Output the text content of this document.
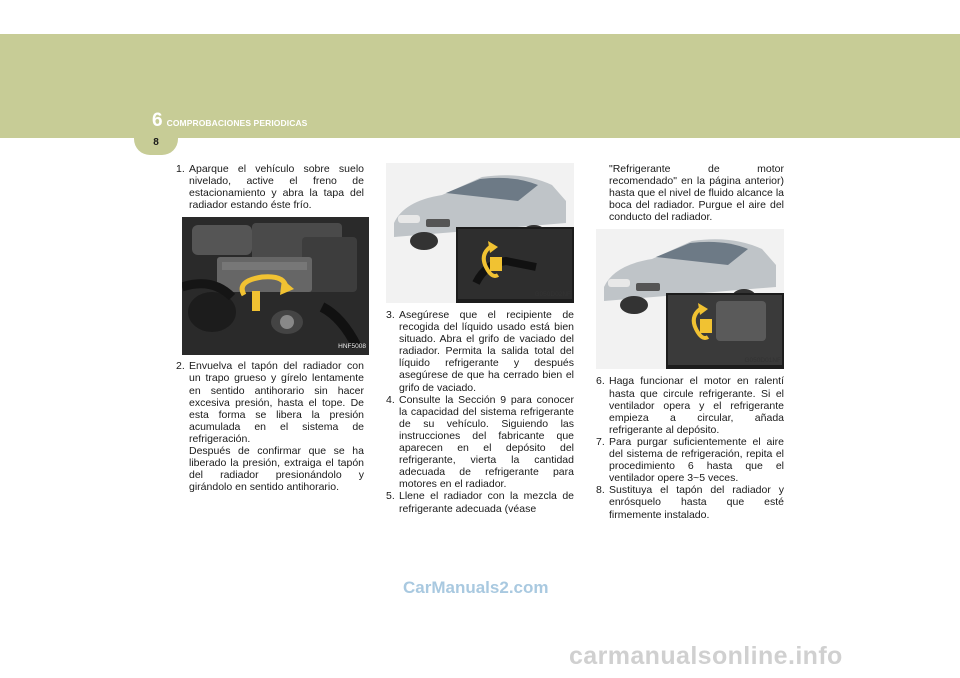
6 COMPROBACIONES PERIODICAS
8
1. Aparque el vehículo sobre suelo nivelado, active el freno de estacionamiento y abra la tapa del radiador estando éste frío.
HNF5008
2. Envuelva el tapón del radiador con un trapo grueso y gírelo lentamente en sentido antihorario sin hacer excesiva presión, hasta el tope. De esta forma se libera la presión acumulada en el sistema de refrigeración.
Después de confirmar que se ha liberado la presión, extraiga el tapón del radiador presionándolo y girándolo en sentido antihorario.
G050D02NF
3. Asegúrese que el recipiente de recogida del líquido usado está bien situado. Abra el grifo de vaciado del radiador. Permita la salida total del líquido refrigerante y después asegúrese de que ha cerrado bien el grifo de vaciado.
4. Consulte la Sección 9 para conocer la capacidad del sistema refrigerante de su vehículo. Siguiendo las instrucciones del fabricante que aparecen en el depósito del refrigerante, vierta la cantidad adecuada de refrigerante para motores en el radiador.
5. Llene el radiador con la mezcla de refrigerante adecuada (véase
"Refrigerante de motor recomendado" en la página anterior) hasta que el nivel de fluido alcance la boca del radiador. Purgue el aire del conducto del radiador.
G050D01NF
6. Haga funcionar el motor en ralentí hasta que circule refrigerante. Si el ventilador opera y el refrigerante empieza a circular, añada refrigerante al depósito.
7. Para purgar suficientemente el aire del sistema de refrigeración, repita el procedimiento 6 hasta que el ventilador opere 3~5 veces.
8. Sustituya el tapón del radiador y enrósquelo hasta que esté firmemente instalado.
CarManuals2.com
carmanualsonline.info
